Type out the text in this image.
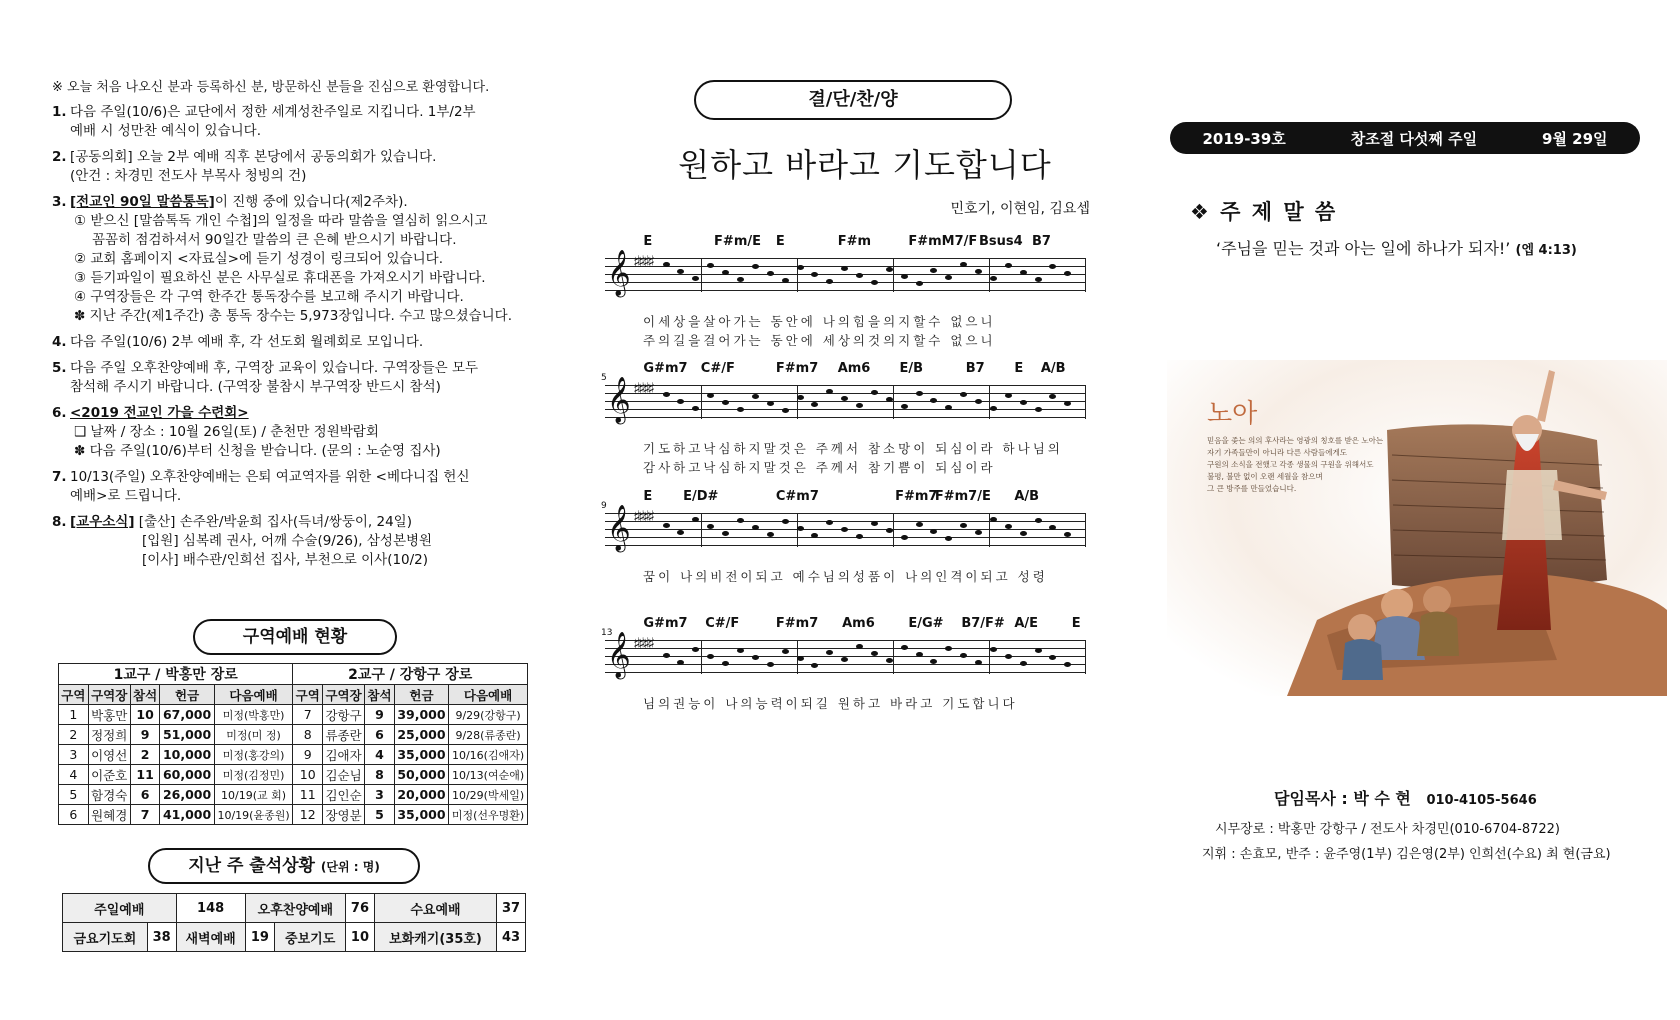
※ 오늘 처음 나오신 분과 등록하신 분, 방문하신 분들을 진심으로 환영합니다.
1. 다음 주일(10/6)은 교단에서 정한 세계성찬주일로 지킵니다. 1부/2부
예배 시 성만찬 예식이 있습니다.
2. [공동의회] 오늘 2부 예배 직후 본당에서 공동의회가 있습니다.
(안건 : 차경민 전도사 부목사 청빙의 건)
3. [전교인 90일 말씀통독]이 진행 중에 있습니다(제2주차).
① 받으신 [말씀톡독 개인 수첩]의 일정을 따라 말씀을 열심히 읽으시고
꼼꼼히 점검하셔서 90일간 말씀의 큰 은혜 받으시기 바랍니다.
② 교회 홈페이지 <자료실>에 듣기 성경이 링크되어 있습니다.
③ 듣기파일이 필요하신 분은 사무실로 휴대폰을 가져오시기 바랍니다.
④ 구역장들은 각 구역 한주간 통독장수를 보고해 주시기 바랍니다.
✽ 지난 주간(제1주간) 총 통독 장수는 5,973장입니다. 수고 많으셨습니다.
4. 다음 주일(10/6) 2부 예배 후, 각 선도회 월례회로 모입니다.
5. 다음 주일 오후찬양예배 후, 구역장 교육이 있습니다. 구역장들은 모두
참석해 주시기 바랍니다. (구역장 불참시 부구역장 반드시 참석)
6. <2019 전교인 가을 수련회>
❑ 날짜 / 장소 : 10월 26일(토) / 춘천만 정원박람회
✽ 다음 주일(10/6)부터 신청을 받습니다. (문의 : 노순영 집사)
7. 10/13(주일) 오후찬양예배는 은퇴 여교역자를 위한 <베다니집 헌신
예배>로 드립니다.
8. [교우소식] [출산] 손주완/박윤희 집사(득녀/쌍둥이, 24일)
[입원] 심복례 권사, 어깨 수술(9/26), 삼성본병원
[이사] 배수관/인희선 집사, 부천으로 이사(10/2)
구역예배 현황
1교구 / 박홍만 장로					2교구 / 강항구 장로				
구역	구역장	참석	헌금	다음예배	구역	구역장	참석	헌금	다음예배
1	박홍만	10	67,000	미정(박홍만)	7	강항구	9	39,000	9/29(강항구)
2	정정희	9	51,000	미정(미 정)	8	류종란	6	25,000	9/28(류종란)
3	이영선	2	10,000	미정(홍강의)	9	김애자	4	35,000	10/16(김애자)
4	이준호	11	60,000	미정(김정민)	10	김순님	8	50,000	10/13(여순애)
5	함경숙	6	26,000	10/19(교 회)	11	김인순	3	20,000	10/29(박세일)
6	원혜경	7	41,000	10/19(윤종원)	12	장영분	5	35,000	미정(선우명환)
지난 주 출석상황 (단위 : 명)
주일예배		148	오후찬양예배		76	수요예배	37
금요기도회	38	새벽예배	19	중보기도	10	보화캐기(35호)	43
결/단/찬/양
원하고 바라고 기도합니다
민호기, 이현임, 김요셉
𝄞 ♯♯♯♯
E	F#m/E E	F#m	F#mM7/F Bsus4 B7
이세상을살아가는 동안에 나의힘을의지할수 없으니
주의길을걸어가는 동안에 세상의것의지할수 없으니
𝄞 ♯♯♯♯
5
G#m7 C#/F	F#m7 Am6 E/B	B7 E A/B
기도하고낙심하지말것은 주께서 참소망이 되심이라 하나님의
감사하고낙심하지말것은 주께서 참기쁨이 되심이라
𝄞 ♯♯♯♯
9
E E/D#	C#m7	F#m7
F#m7/E A/B
꿈이 나의비전이되고 예수님의성품이 나의인격이되고 성령
𝄞 ♯♯♯♯
13
G#m7 C#/F	F#m7 Am6	E/G# B7/F# A/E	E
님의권능이 나의능력이되길 원하고 바라고 기도합니다
2019-39호	창조절 다섯째 주일	9월 29일
❖ 주 제 말 씀
‘주님을 믿는 것과 아는 일에 하나가 되자!’ (엡 4:13)
노아
믿음을 좇는 의의 후사라는 영광의 칭호를 받은 노아는
자기 가족들만이 아니라 다른 사람들에게도
구원의 소식을 전했고 각종 생물의 구원을 위해서도
불평, 불만 없이 오랜 세월을 참으며
그 큰 방주를 만들었습니다.
담임목사 : 박 수 현 010-4105-5646
시무장로 : 박홍만 강항구 / 전도사 차경민(010-6704-8722)
지휘 : 손효모, 반주 : 윤주영(1부) 김은영(2부) 인희선(수요) 최 현(금요)
